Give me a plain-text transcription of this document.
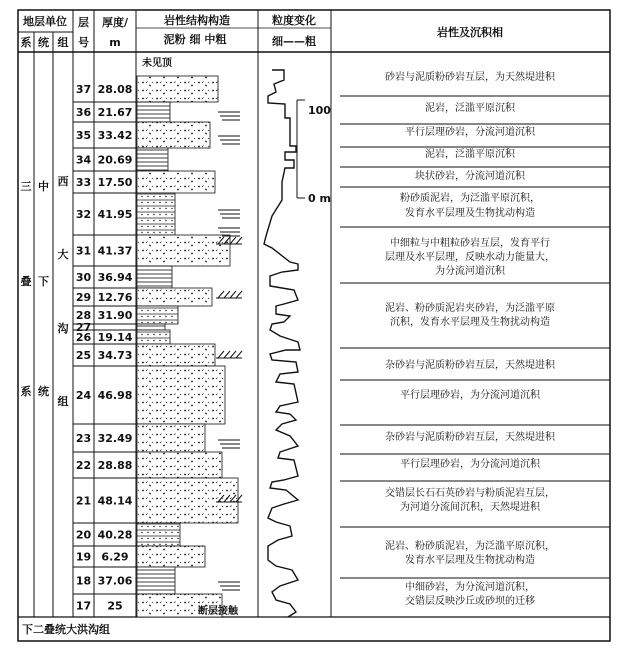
地层单位
系 统 组
层
号
厚度/
m
岩性结构构造
泥粉 细 中粗
粒度变化
细——粗
岩性及沉积相
三
叠
系
中
下
统
西
大
沟
组
37 28.08
36 21.67
35 33.42
34 20.69
33 17.50
32 41.95
31 41.37
30 36.94
29 12.76
28 31.90
27
26 19.14
25 34.73
24 46.98
23 32.49
22 28.88
21 48.14
20 40.28
19 6.29
18 37.06
17 25
100
0 m
未见顶
断层接触
砂岩与泥质粉砂岩互层，为天然堤进积
泥岩，泛滥平原沉积
平行层理砂岩，分流河道沉积
泥岩，泛滥平原沉积
块状砂岩，分流河道沉积
粉砂质泥岩，为泛滥平原沉积，
发育水平层理及生物扰动构造
中细粒与中粗粒砂岩互层，发育平行
层理及水平层理，反映水动力能量大，
为分流河道沉积
泥岩、粉砂质泥岩夹砂岩，为泛滥平原
沉积，发育水平层理及生物扰动构造
杂砂岩与泥质粉砂岩互层，天然堤进积
平行层理砂岩，为分流河道沉积
杂砂岩与泥质粉砂岩互层，天然堤进积
平行层理砂岩，为分流河道沉积
交错层长石石英砂岩与粉质泥岩互层，
为河道分流间沉积，天然堤进积
泥岩、粉砂质泥岩，为泛滥平原沉积，
发育水平层理及生物扰动构造
中细砂岩，为分流河道沉积，
交错层反映沙丘或砂坝的迁移
下二叠统大洪沟组
